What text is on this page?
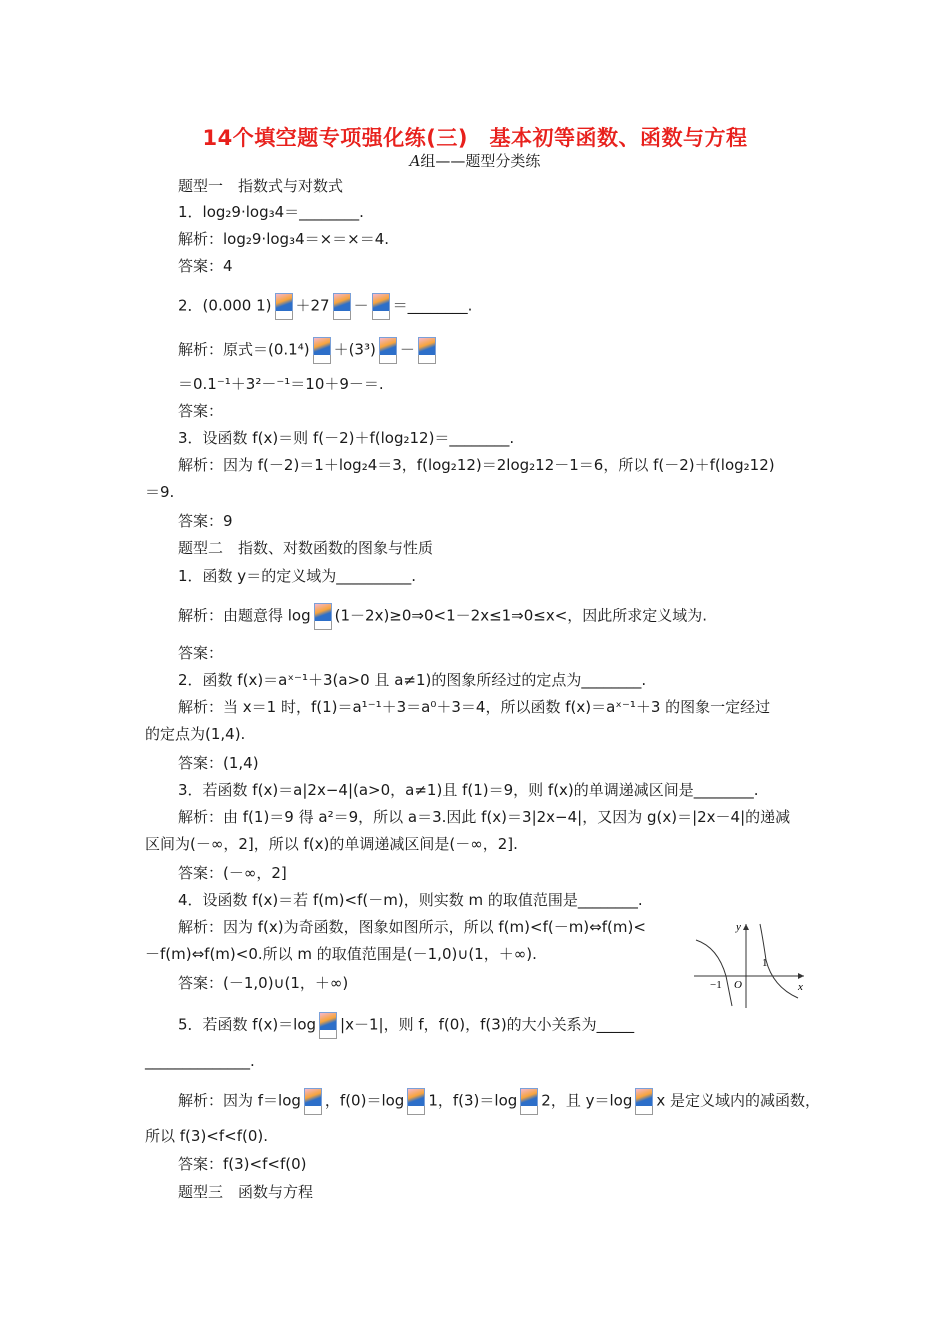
14个填空题专项强化练(三)　基本初等函数、函数与方程
A组——题型分类练
题型一　指数式与对数式
1．log₂9·log₃4＝________.
解析：log₂9·log₃4＝×＝×＝4.
答案：4
2．(0.000 1) ＋27 － ＝________.
解析：原式＝(0.1⁴) ＋(3³) －
＝0.1⁻¹＋3²－⁻¹＝10＋9－＝.
答案：
3．设函数 f(x)＝则 f(－2)＋f(log₂12)＝________.
解析：因为 f(－2)＝1＋log₂4＝3，f(log₂12)＝2log₂12－1＝6，所以 f(－2)＋f(log₂12)
＝9.
答案：9
题型二　指数、对数函数的图象与性质
1．函数 y＝的定义域为__________.
解析：由题意得 log (1－2x)≥0⇒0<1－2x≤1⇒0≤x<，因此所求定义域为.
答案：
2．函数 f(x)＝aˣ⁻¹＋3(a>0 且 a≠1)的图象所经过的定点为________.
解析：当 x＝1 时，f(1)＝a¹⁻¹＋3＝a⁰＋3＝4，所以函数 f(x)＝aˣ⁻¹＋3 的图象一定经过
的定点为(1,4).
答案：(1,4)
3．若函数 f(x)＝a|2x−4|(a>0，a≠1)且 f(1)＝9，则 f(x)的单调递减区间是________.
解析：由 f(1)＝9 得 a²＝9，所以 a＝3.因此 f(x)＝3|2x−4|，又因为 g(x)＝|2x－4|的递减
区间为(－∞，2]，所以 f(x)的单调递减区间是(－∞，2].
答案：(－∞，2]
4．设函数 f(x)＝若 f(m)<f(－m)，则实数 m 的取值范围是________.
解析：因为 f(x)为奇函数，图象如图所示，所以 f(m)<f(－m)⇔f(m)<
－f(m)⇔f(m)<0.所以 m 的取值范围是(－1,0)∪(1，＋∞).
答案：(－1,0)∪(1，＋∞)
5．若函数 f(x)＝log |x－1|，则 f，f(0)，f(3)的大小关系为_____
______________.
解析：因为 f＝log ，f(0)＝log 1，f(3)＝log 2，且 y＝log x 是定义域内的减函数，
所以 f(3)<f<f(0).
答案：f(3)<f<f(0)
题型三　函数与方程
y
x
O
−1
1
